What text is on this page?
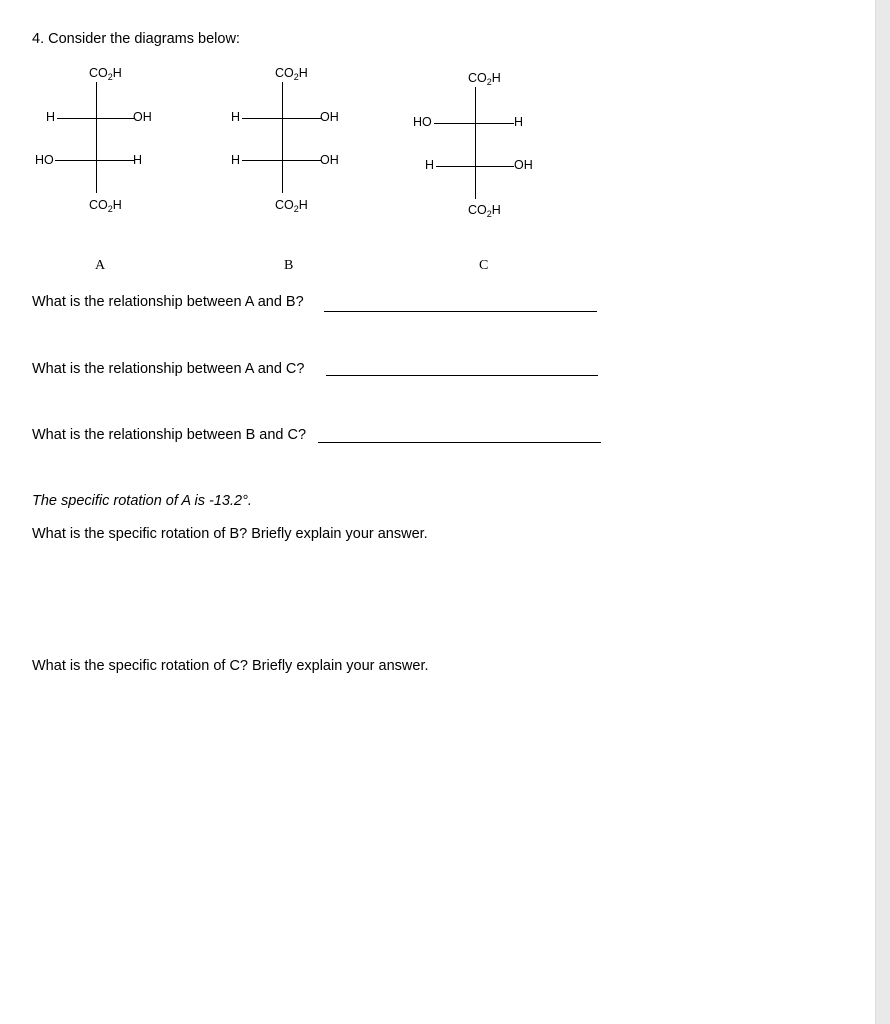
4. Consider the diagrams below:
$CO_2H$
H	OH
HO	H
$CO_2H$
A
$CO_2H$
H	OH
H	OH
$CO_2H$
B
$CO_2H$
HO	H
H	OH
$CO_2H$
C
What is the relationship between A and B?
What is the relationship between A and C?
What is the relationship between B and C?
The specific rotation of A is -13.2°.
What is the specific rotation of B? Briefly explain your answer.
What is the specific rotation of C? Briefly explain your answer.
